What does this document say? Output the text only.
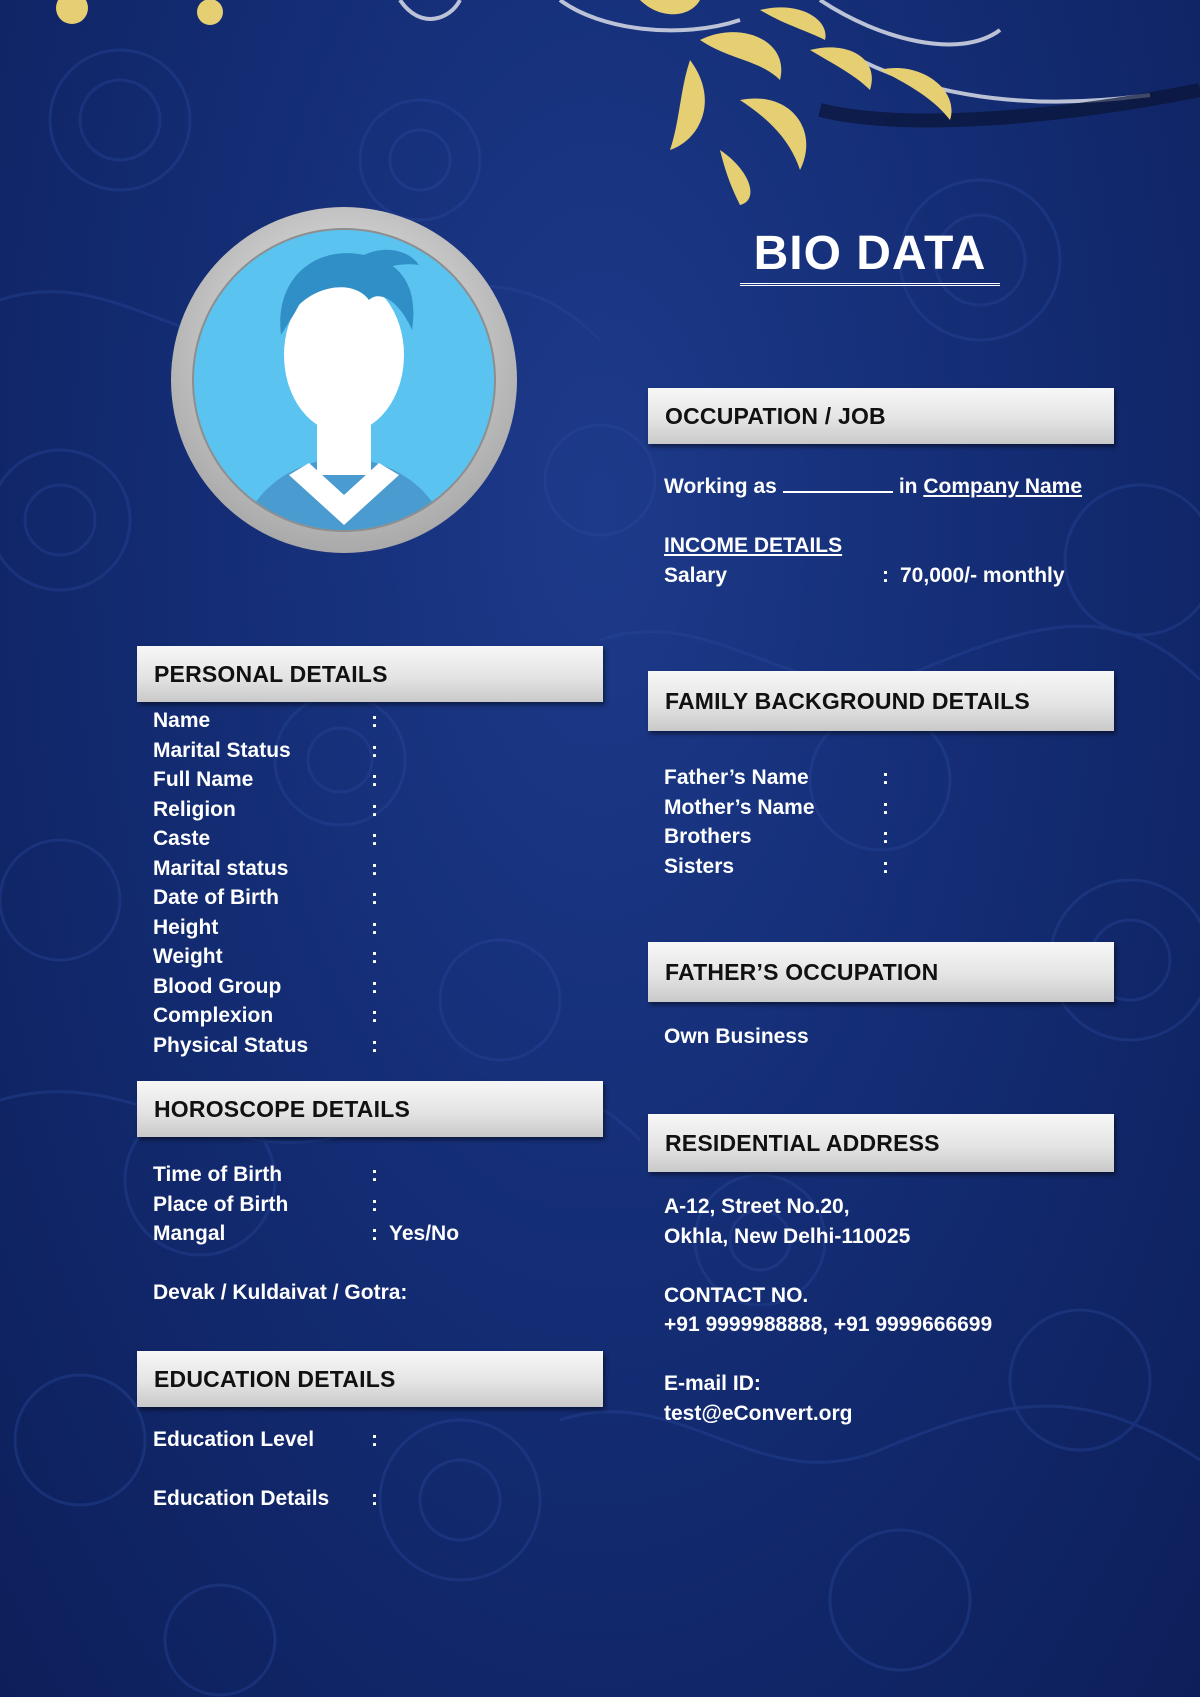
BIO DATA
PERSONAL DETAILS
Name	:
Marital Status	:
Full Name	:
Religion	:
Caste	:
Marital status	:
Date of Birth	:
Height	:
Weight	:
Blood Group	:
Complexion	:
Physical Status	:
HOROSCOPE DETAILS
Time of Birth	:
Place of Birth	:
Mangal	: Yes/No
Devak / Kuldaivat / Gotra:
EDUCATION DETAILS
Education Level	:
Education Details :
OCCUPATION / JOB
Working as	in Company Name
INCOME DETAILS
Salary	: 70,000/- monthly
FAMILY BACKGROUND DETAILS
Father’s Name	:
Mother’s Name	:
Brothers	:
Sisters	:
FATHER’S OCCUPATION
Own Business
RESIDENTIAL ADDRESS
A-12, Street No.20,
Okhla, New Delhi-110025
CONTACT NO.
+91 9999988888, +91 9999666699
E-mail ID:
test@eConvert.org
